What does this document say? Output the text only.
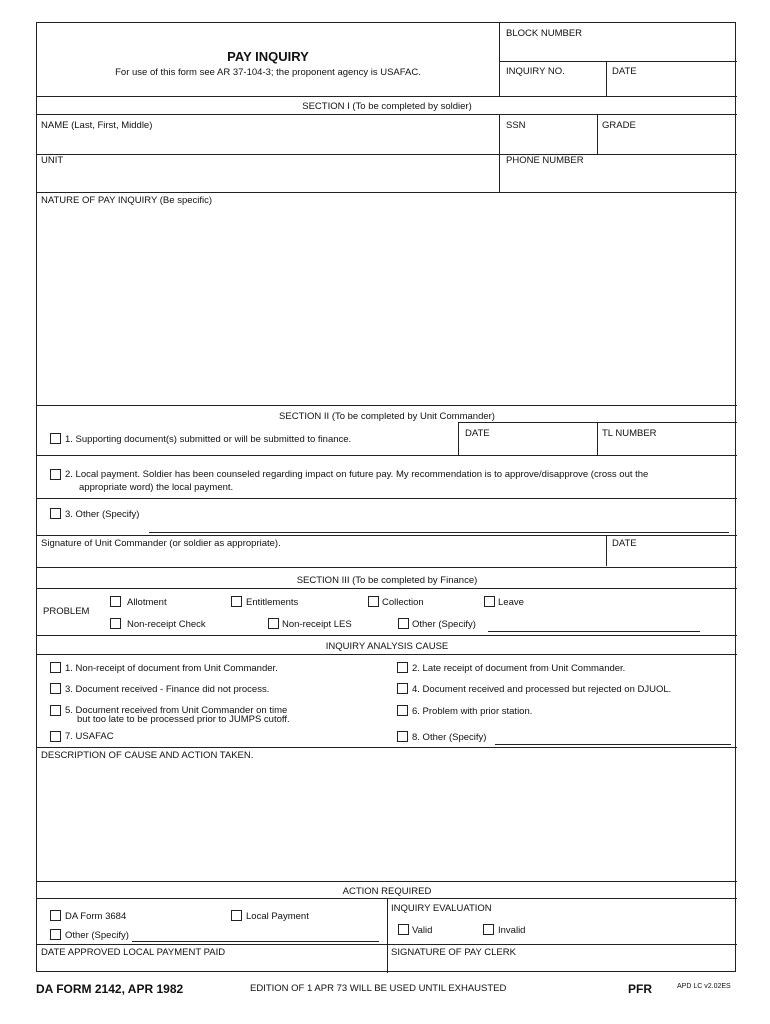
PAY INQUIRY
For use of this form see AR 37-104-3; the proponent agency is USAFAC.
BLOCK NUMBER
INQUIRY NO.	DATE
SECTION I (To be completed by soldier)
NAME (Last, First, Middle)	SSN	GRADE
UNIT	PHONE NUMBER
NATURE OF PAY INQUIRY (Be specific)
SECTION II (To be completed by Unit Commander)
DATE	TL NUMBER
1. Supporting document(s) submitted or will be submitted to finance.
2. Local payment. Soldier has been counseled regarding impact on future pay. My recommendation is to approve/disapprove (cross out the
appropriate word) the local payment.
3. Other (Specify)
Signature of Unit Commander (or soldier as appropriate).	DATE
SECTION III (To be completed by Finance)
PROBLEM
Allotment	Entitlements	Collection	Leave
Non-receipt Check	Non-receipt LES	Other (Specify)
INQUIRY ANALYSIS CAUSE
1. Non-receipt of document from Unit Commander.	2. Late receipt of document from Unit Commander.
3. Document received - Finance did not process.	4. Document received and processed but rejected on DJUOL.
5. Document received from Unit Commander on time
but too late to be processed prior to JUMPS cutoff.
6. Problem with prior station.
7. USAFAC	8. Other (Specify)
DESCRIPTION OF CAUSE AND ACTION TAKEN.
ACTION REQUIRED
DA Form 3684	Local Payment
Other (Specify)
INQUIRY EVALUATION
Valid	Invalid
DATE APPROVED LOCAL PAYMENT PAID	SIGNATURE OF PAY CLERK
DA FORM 2142, APR 1982	EDITION OF 1 APR 73 WILL BE USED UNTIL EXHAUSTED	PFR	APD LC v2.02ES
